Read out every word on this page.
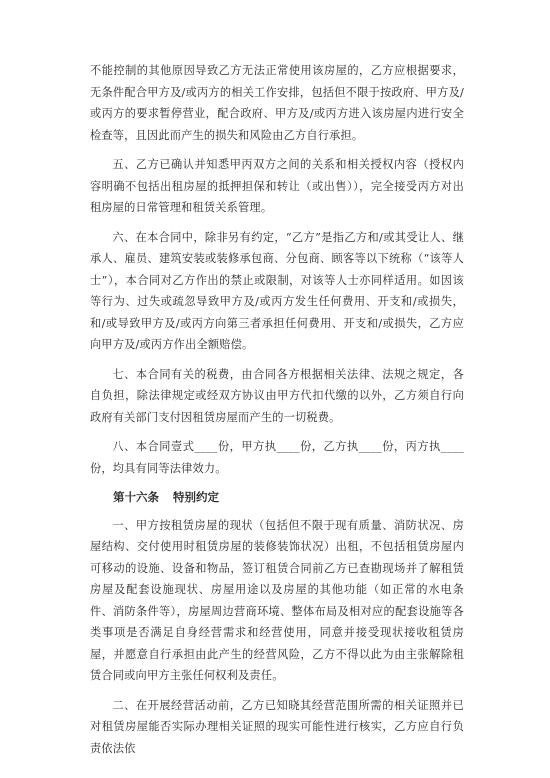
不能控制的其他原因导致乙方无法正常使用该房屋的，乙方应根据要求，无条件配合甲方及/或丙方的相关工作安排，包括但不限于按政府、甲方及/或丙方的要求暂停营业，配合政府、甲方及/或丙方进入该房屋内进行安全检查等，且因此而产生的损失和风险由乙方自行承担。

五、乙方已确认并知悉甲丙双方之间的关系和相关授权内容（授权内容明确不包括出租房屋的抵押担保和转让（或出售）），完全接受丙方对出租房屋的日常管理和租赁关系管理。

六、在本合同中，除非另有约定，“乙方”是指乙方和/或其受让人、继承人、雇员、建筑安装或装修承包商、分包商、顾客等以下统称（“该等人士”），本合同对乙方作出的禁止或限制，对该等人士亦同样适用。如因该等行为、过失或疏忽导致甲方及/或丙方发生任何费用、开支和/或损失，和/或导致甲方及/或丙方向第三者承担任何费用、开支和/或损失，乙方应向甲方及/或丙方作出全额赔偿。

七、本合同有关的税费，由合同各方根据相关法律、法规之规定，各自负担，除法律规定或经双方协议由甲方代扣代缴的以外，乙方须自行向政府有关部门支付因租赁房屋而产生的一切税费。

八、本合同壹式____份，甲方执____份，乙方执____份，丙方执____份，均具有同等法律效力。

第十六条 特别约定

一、甲方按租赁房屋的现状（包括但不限于现有质量、消防状况、房屋结构、交付使用时租赁房屋的装修装饰状况）出租，不包括租赁房屋内可移动的设施、设备和物品，签订租赁合同前乙方已查勘现场并了解租赁房屋及配套设施现状、房屋用途以及房屋的其他功能（如正常的水电条件、消防条件等），房屋周边营商环境、整体布局及相对应的配套设施等各类事项是否满足自身经营需求和经营使用，同意并接受现状接收租赁房屋，并愿意自行承担由此产生的经营风险，乙方不得以此为由主张解除租赁合同或向甲方主张任何权利及责任。

二、在开展经营活动前，乙方已知晓其经营范围所需的相关证照并已对租赁房屋能否实际办理相关证照的现实可能性进行核实，乙方应自行负责依法依
